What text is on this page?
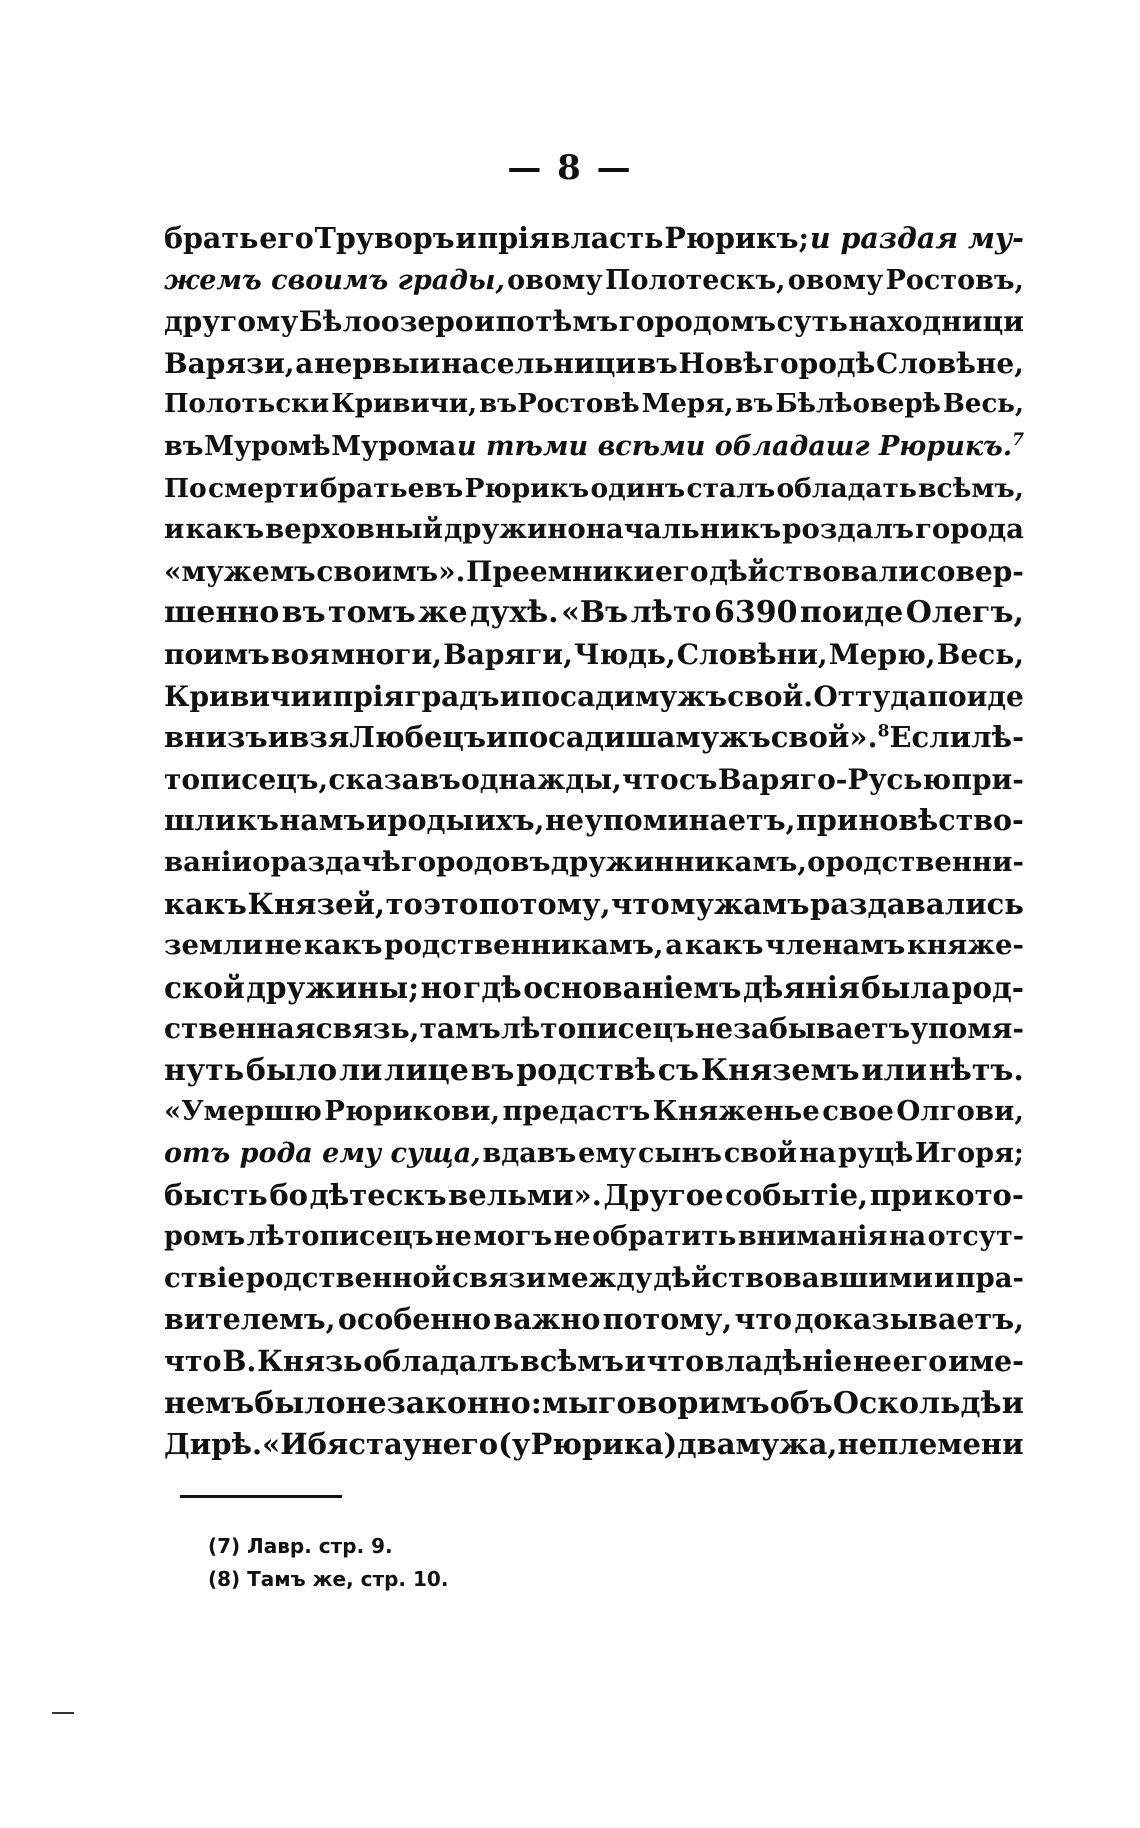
— 8 —
брать его Труворъ и прія власть Рюрикъ; и раздая му-
жемъ своимъ грады, овому Полотескъ, овому Ростовъ,
другому Бѣлоозеро и по тѣмъ городомъ суть находници
Варязи, а нервыи насельници въ Новѣгородѣ Словѣне,
Полотьски Кривичи, въРостовѣ Меря, въ Бѣлѣоверѣ Весь,
въ Муромѣ Мурома и тѣми всѣми обладашг Рюрикъ.$^7$
По смерти братьевъ Рюрикъ одинъ сталъ обладать всѣмъ,
и какъ верховный дружиноначальникъ роздалъ города
«мужемъ своимъ». Преемники его дѣйствовали совер-
шенно въ томъ же духѣ. «Въ лѣто 6390 поиде Олегъ,
поимъ воя многи, Варяги, Чюдь, Словѣни, Мерю, Весь,
Кривичи и прія градъ и посади мужъ свой. Оттуда поиде
внизъ и взя Любецъ и посадиша мужъ свой».$^8$ Если лѣ-
тописецъ, сказавъ однажды, что съ Варяго-Русью при-
шли къ намъ и роды ихъ, не упоминаетъ, при новѣство-
ваніи о раздачѣ городовъ дружинникамъ, о родственни-
какъ Князей, то это потому, что мужамъ раздавались
земли не какъ родственникамъ, а какъ членамъ княже-
ской дружины; но гдѣ основаніемъ дѣянія была род-
ственная связь, тамъ лѣтописецъ не забываетъ упомя-
нуть было ли лице въ родствѣ съ Княземъ или нѣтъ.
«Умершю Рюрикови, предастъ Княженье свое Олгови,
отъ рода ему суща, вдавъ ему сынъ свой на руцѣ Игоря;
бысть бо дѣтескъ вельми». Другое событіе, при кото-
ромъ лѣтописецъ не могъ не обратить вниманія на отсут-
ствіе родственной связи между дѣйствовавшими и пра-
вителемъ, особенно важно потому, что доказываетъ,
что В. Князь обладалъ всѣмъ и что владѣніе не его име-
немъ было незаконно: мы говоримъ объ Оскольдѣ и
Дирѣ. «И бяста у него (у Рюрика) два мужа, не племени
(7) Лавр. стр. 9.
(8) Тамъ же, стр. 10.
